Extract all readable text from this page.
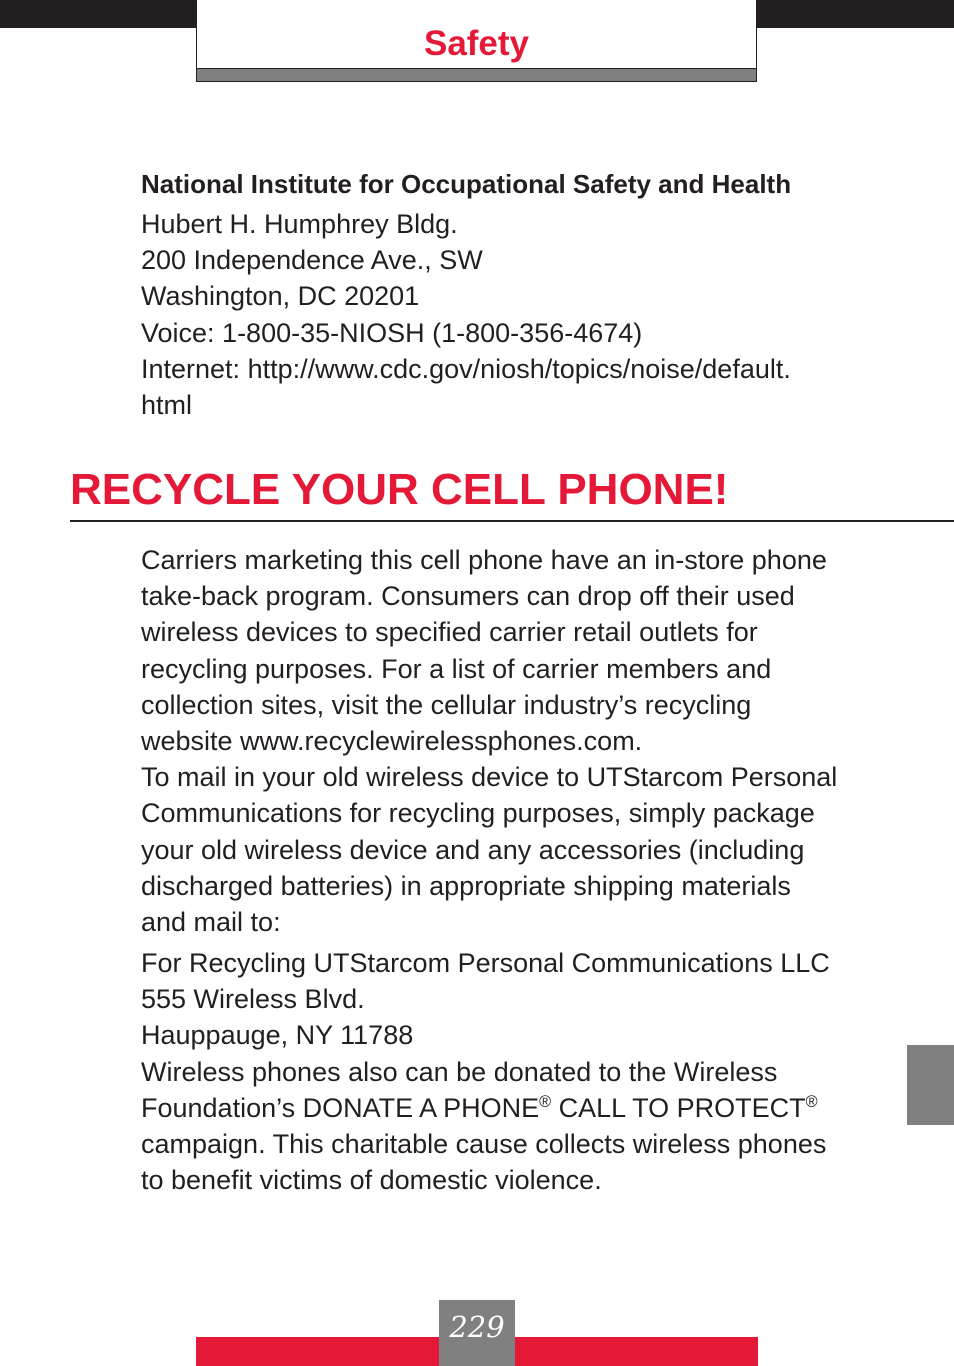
Safety
National Institute for Occupational Safety and Health

Hubert H. Humphrey Bldg.
200 Independence Ave., SW
Washington, DC 20201
Voice: 1-800-35-NIOSH (1-800-356-4674)
Internet: http://www.cdc.gov/niosh/topics/noise/default.
html

RECYCLE YOUR CELL PHONE!

Carriers marketing this cell phone have an in-store phone
take-back program. Consumers can drop off their used
wireless devices to specified carrier retail outlets for
recycling purposes. For a list of carrier members and
collection sites, visit the cellular industry’s recycling
website www.recyclewirelessphones.com.
To mail in your old wireless device to UTStarcom Personal
Communications for recycling purposes, simply package
your old wireless device and any accessories (including
discharged batteries) in appropriate shipping materials
and mail to:

For Recycling UTStarcom Personal Communications LLC
555 Wireless Blvd.
Hauppauge, NY 11788
Wireless phones also can be donated to the Wireless
Foundation’s DONATE A PHONE® CALL TO PROTECT®
campaign. This charitable cause collects wireless phones
to benefit victims of domestic violence.

229
